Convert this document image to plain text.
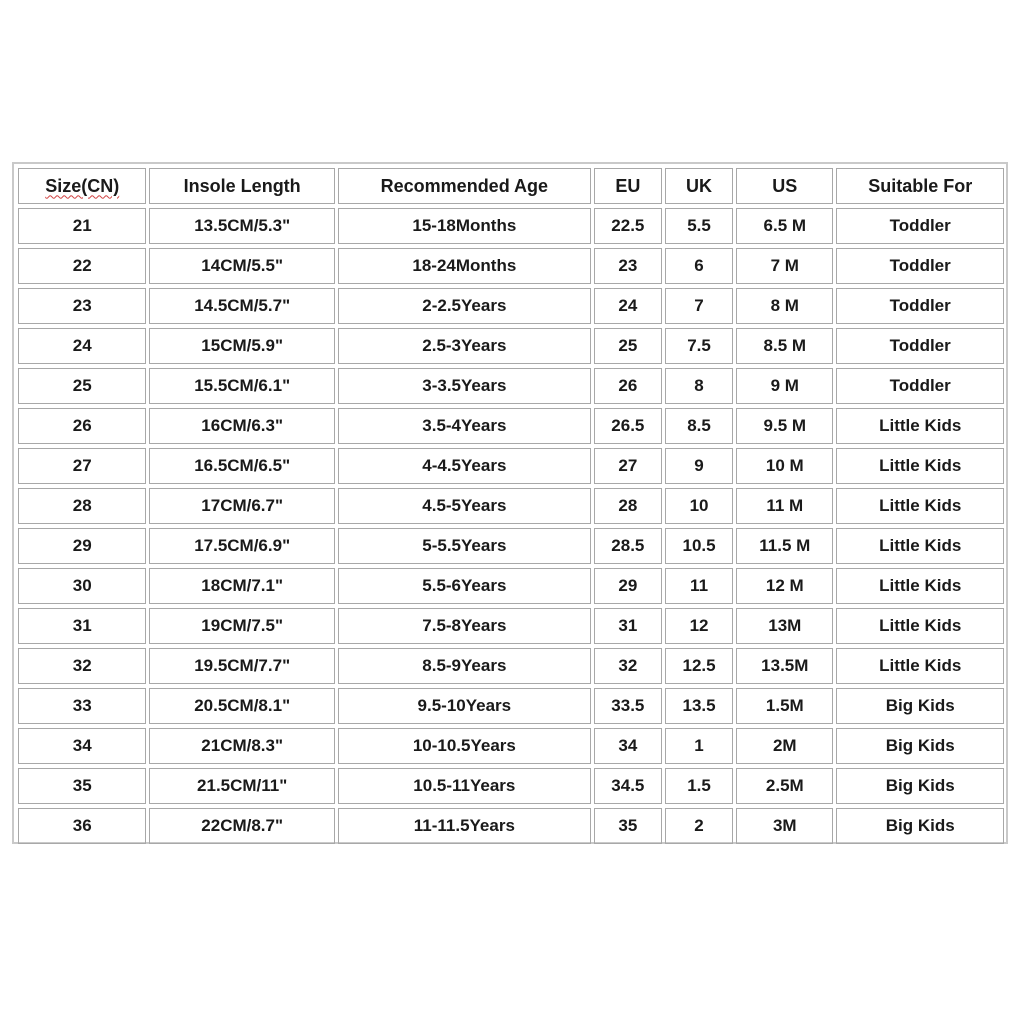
Size(CN)	Insole Length	Recommended Age	EU	UK	US	Suitable For
21	13.5CM/5.3"	15-18Months	22.5	5.5	6.5 M	Toddler
22	14CM/5.5"	18-24Months	23	6	7 M	Toddler
23	14.5CM/5.7"	2-2.5Years	24	7	8 M	Toddler
24	15CM/5.9"	2.5-3Years	25	7.5	8.5 M	Toddler
25	15.5CM/6.1"	3-3.5Years	26	8	9 M	Toddler
26	16CM/6.3"	3.5-4Years	26.5	8.5	9.5 M	Little Kids
27	16.5CM/6.5"	4-4.5Years	27	9	10 M	Little Kids
28	17CM/6.7"	4.5-5Years	28	10	11 M	Little Kids
29	17.5CM/6.9"	5-5.5Years	28.5	10.5	11.5 M	Little Kids
30	18CM/7.1"	5.5-6Years	29	11	12 M	Little Kids
31	19CM/7.5"	7.5-8Years	31	12	13M	Little Kids
32	19.5CM/7.7"	8.5-9Years	32	12.5	13.5M	Little Kids
33	20.5CM/8.1"	9.5-10Years	33.5	13.5	1.5M	Big Kids
34	21CM/8.3"	10-10.5Years	34	1	2M	Big Kids
35	21.5CM/11"	10.5-11Years	34.5	1.5	2.5M	Big Kids
36	22CM/8.7"	11-11.5Years	35	2	3M	Big Kids
